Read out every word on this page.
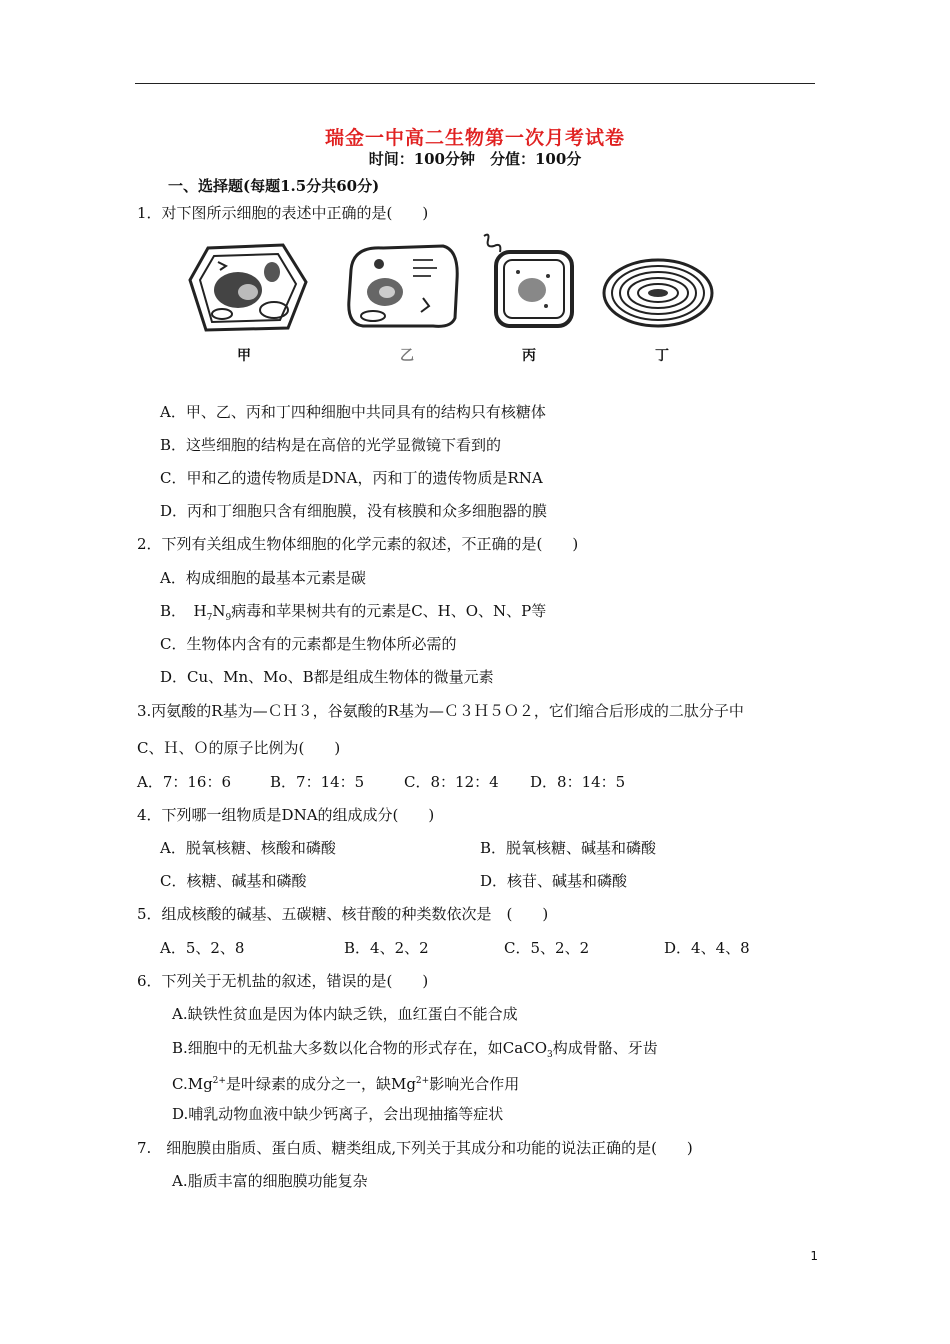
瑞金一中高二生物第一次月考试卷
时间：100分钟　分值：100分
一、选择题(每题1.5分共60分)
1．对下图所示细胞的表述中正确的是(　　)
甲	乙	丙	丁
A．甲、乙、丙和丁四种细胞中共同具有的结构只有核糖体
B．这些细胞的结构是在高倍的光学显微镜下看到的
C．甲和乙的遗传物质是DNA，丙和丁的遗传物质是RNA
D．丙和丁细胞只含有细胞膜，没有核膜和众多细胞器的膜
2．下列有关组成生物体细胞的化学元素的叙述，不正确的是(　　)
A．构成细胞的最基本元素是碳
B．　$H_7N_9$病毒和苹果树共有的元素是C、H、O、N、P等
C．生物体内含有的元素都是生物体所必需的
D．Cu、Mn、Mo、B都是组成生物体的微量元素
3.丙氨酸的R基为—ＣＨ３，谷氨酸的R基为—Ｃ３Ｈ５Ｏ２，它们缩合后形成的二肽分子中
C、Ｈ、Ｏ的原子比例为(　　)
A．7：16：6	B．7：14：5	C．8：12：4 D．8：14：5
4．下列哪一组物质是DNA的组成成分(　　)
A．脱氧核糖、核酸和磷酸	B．脱氧核糖、碱基和磷酸
C．核糖、碱基和磷酸	D．核苷、碱基和磷酸
5．组成核酸的碱基、五碳糖、核苷酸的种类数依次是　(　　)
A．5、2、8	B．4、2、2	C．5、2、2	D．4、4、8
6．下列关于无机盐的叙述，错误的是(　　)
A.缺铁性贫血是因为体内缺乏铁，血红蛋白不能合成
B.细胞中的无机盐大多数以化合物的形式存在，如CaCO$_3$构成骨骼、牙齿
$C.Mg^{2+}$是叶绿素的成分之一，缺$Mg^{2+}$影响光合作用
D.哺乳动物血液中缺少钙离子，会出现抽搐等症状
7.　细胞膜由脂质、蛋白质、糖类组成,下列关于其成分和功能的说法正确的是(　　)
A.脂质丰富的细胞膜功能复杂
1
